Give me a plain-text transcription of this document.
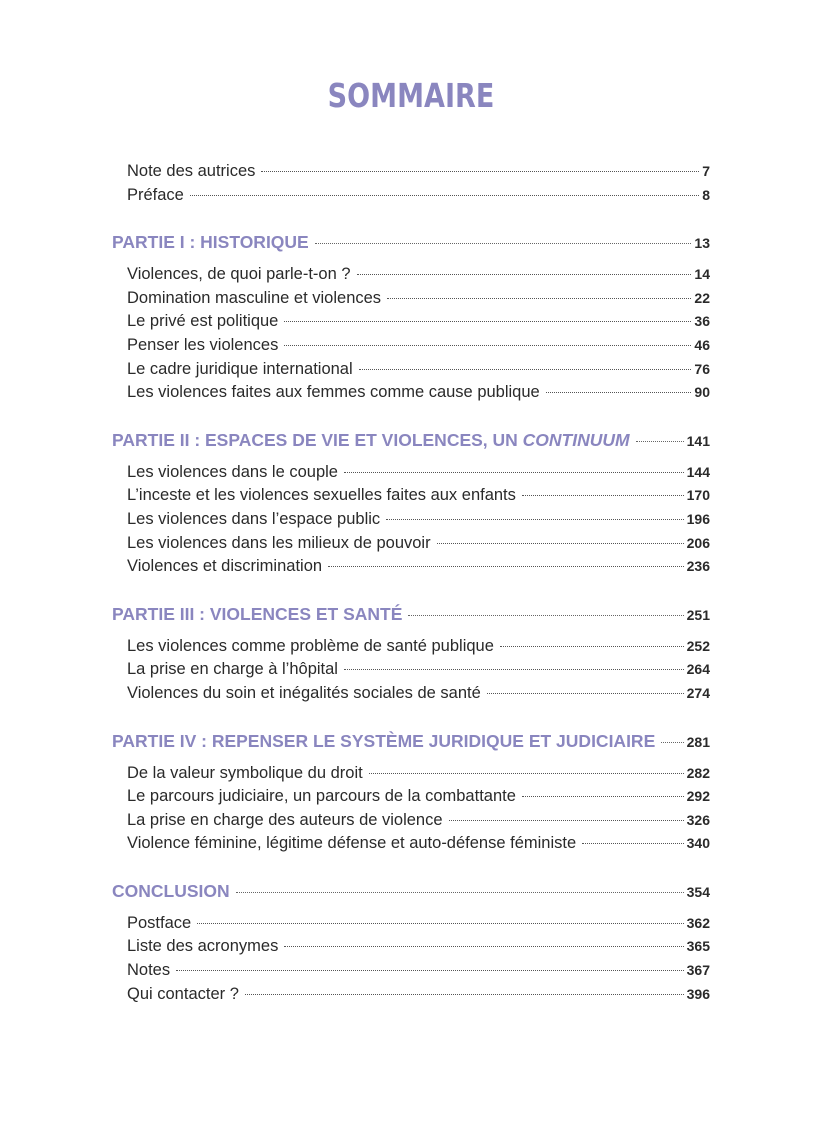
SOMMAIRE
Note des autrices	7
Préface	8
PARTIE I : HISTORIQUE	13
Violences, de quoi parle-t-on ?	14
Domination masculine et violences	22
Le privé est politique	36
Penser les violences	46
Le cadre juridique international	76
Les violences faites aux femmes comme cause publique	90
PARTIE II : ESPACES DE VIE ET VIOLENCES, UN CONTINUUM	141
Les violences dans le couple	144
L’inceste et les violences sexuelles faites aux enfants	170
Les violences dans l’espace public	196
Les violences dans les milieux de pouvoir	206
Violences et discrimination	236
PARTIE III : VIOLENCES ET SANTÉ	251
Les violences comme problème de santé publique	252
La prise en charge à l’hôpital	264
Violences du soin et inégalités sociales de santé	274
PARTIE IV : REPENSER LE SYSTÈME JURIDIQUE ET JUDICIAIRE 281
De la valeur symbolique du droit	282
Le parcours judiciaire, un parcours de la combattante	292
La prise en charge des auteurs de violence	326
Violence féminine, légitime défense et auto-défense féministe	340
CONCLUSION	354
Postface	362
Liste des acronymes	365
Notes	367
Qui contacter ?	396
